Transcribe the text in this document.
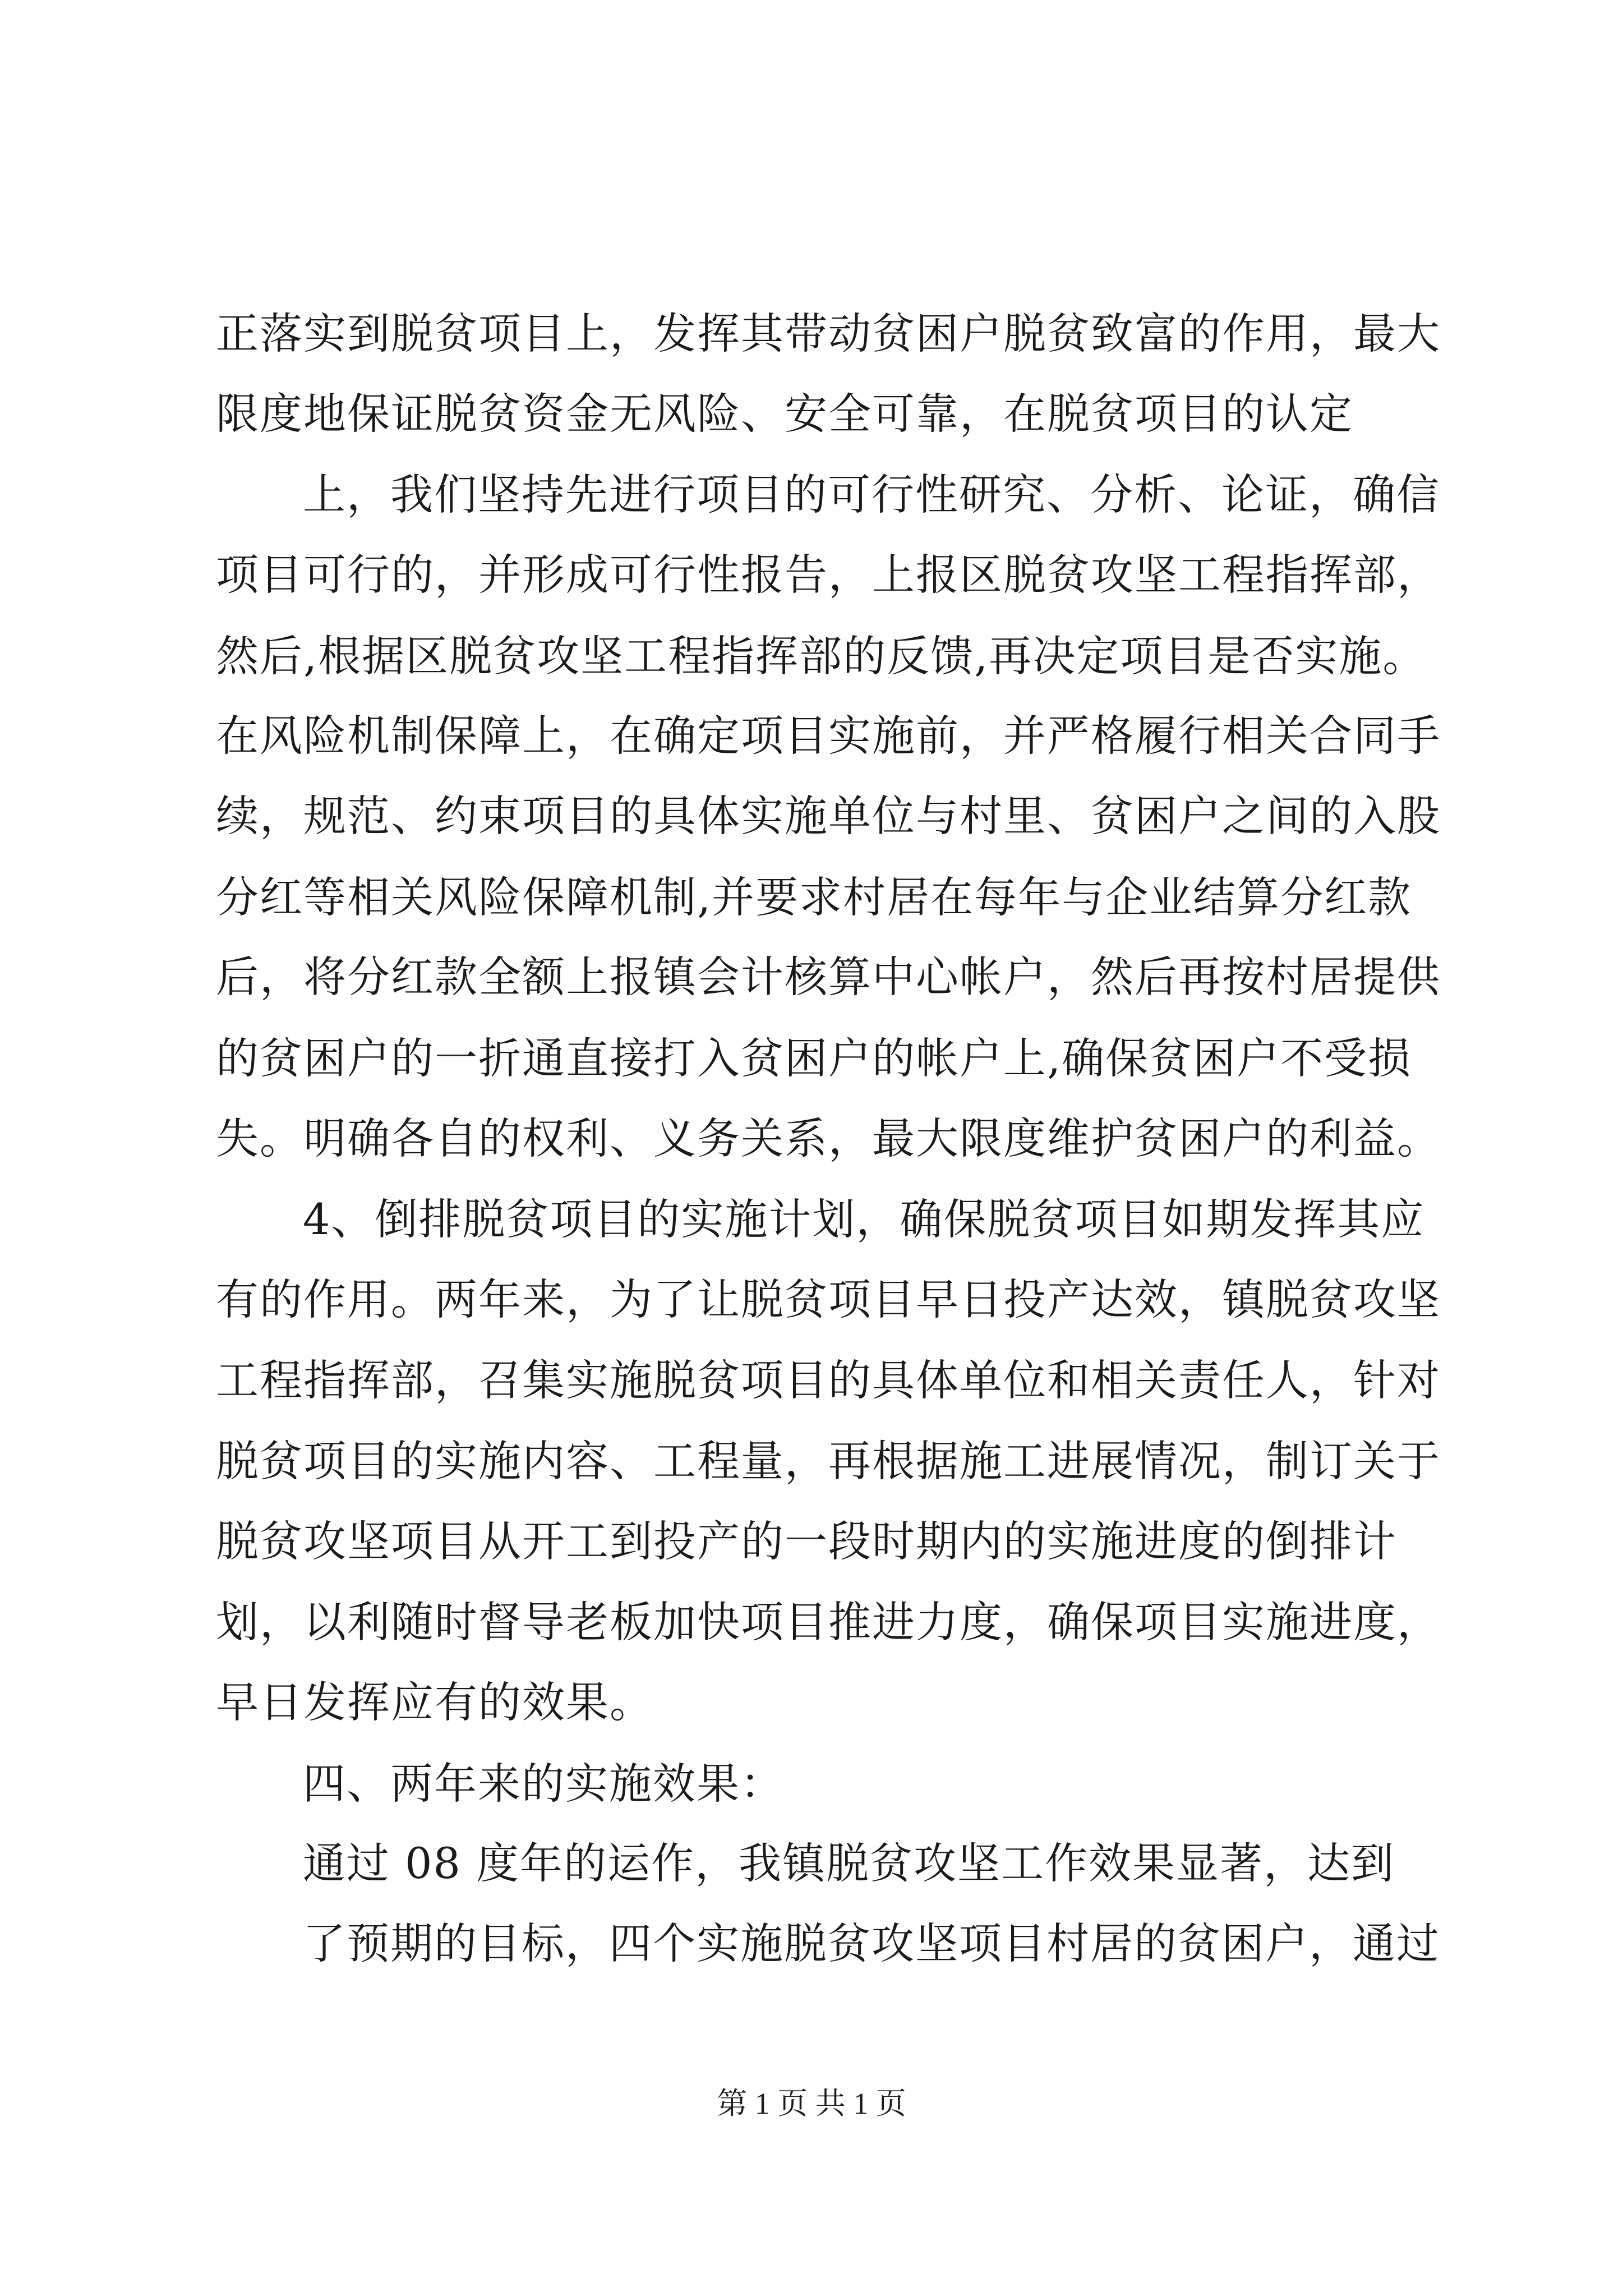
正落实到脱贫项目上，发挥其带动贫困户脱贫致富的作用，最大
限度地保证脱贫资金无风险、安全可靠，在脱贫项目的认定
上，我们坚持先进行项目的可行性研究、分析、论证，确信
项目可行的，并形成可行性报告，上报区脱贫攻坚工程指挥部，
然后,根据区脱贫攻坚工程指挥部的反馈,再决定项目是否实施。
在风险机制保障上，在确定项目实施前，并严格履行相关合同手
续，规范、约束项目的具体实施单位与村里、贫困户之间的入股
分红等相关风险保障机制,并要求村居在每年与企业结算分红款
后，将分红款全额上报镇会计核算中心帐户，然后再按村居提供
的贫困户的一折通直接打入贫困户的帐户上,确保贫困户不受损
失。明确各自的权利、义务关系，最大限度维护贫困户的利益。
4、倒排脱贫项目的实施计划，确保脱贫项目如期发挥其应
有的作用。两年来，为了让脱贫项目早日投产达效，镇脱贫攻坚
工程指挥部，召集实施脱贫项目的具体单位和相关责任人，针对
脱贫项目的实施内容、工程量，再根据施工进展情况，制订关于
脱贫攻坚项目从开工到投产的一段时期内的实施进度的倒排计
划，以利随时督导老板加快项目推进力度，确保项目实施进度，
早日发挥应有的效果。
四、两年来的实施效果：
通过 08 度年的运作，我镇脱贫攻坚工作效果显著，达到
了预期的目标，四个实施脱贫攻坚项目村居的贫困户，通过
第 1 页 共 1 页
